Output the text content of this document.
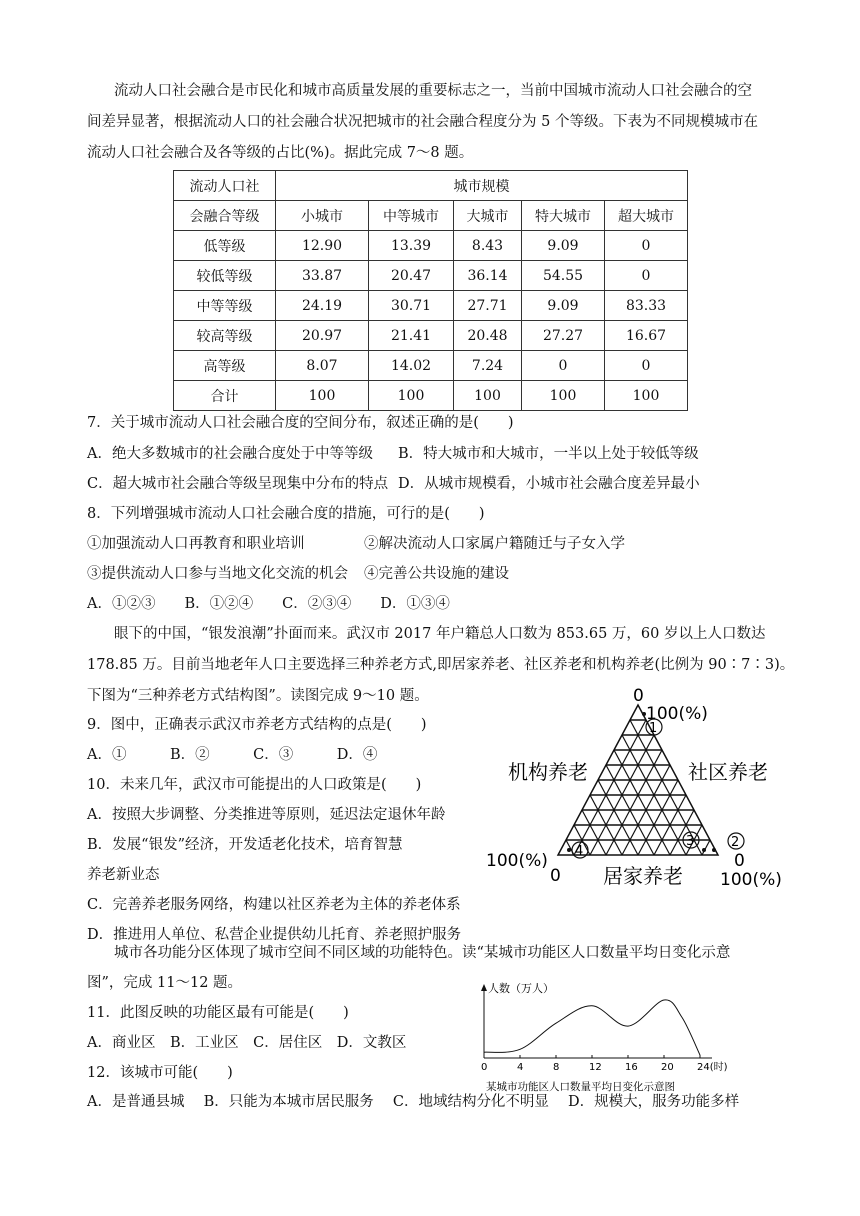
流动人口社会融合是市民化和城市高质量发展的重要标志之一，当前中国城市流动人口社会融合的空
间差异显著，根据流动人口的社会融合状况把城市的社会融合程度分为 5 个等级。下表为不同规模城市在
流动人口社会融合及各等级的占比(%)。据此完成 7～8 题。
流动人口社	城市规模				
会融合等级	小城市	中等城市	大城市	特大城市	超大城市
低等级	12.90	13.39	8.43	9.09	0
较低等级	33.87	20.47	36.14	54.55	0
中等等级	24.19	30.71	27.71	9.09	83.33
较高等级	20.97	21.41	20.48	27.27	16.67
高等级	8.07	14.02	7.24	0	0
合计	100	100	100	100	100
7．关于城市流动人口社会融合度的空间分布，叙述正确的是(　　)
A．绝大多数城市的社会融合度处于中等等级 B．特大城市和大城市，一半以上处于较低等级
C．超大城市社会融合等级呈现集中分布的特点 D．从城市规模看，小城市社会融合度差异最小
8．下列增强城市流动人口社会融合度的措施，可行的是(　　)
①加强流动人口再教育和职业培训	②解决流动人口家属户籍随迁与子女入学
③提供流动人口参与当地文化交流的机会 ④完善公共设施的建设
A．①②③　　B．①②④　　C．②③④　　D．①③④
眼下的中国，“银发浪潮”扑面而来。武汉市 2017 年户籍总人口数为 853.65 万，60 岁以上人口数达
178.85 万。目前当地老年人口主要选择三种养老方式,即居家养老、社区养老和机构养老(比例为 90∶7∶3)。
下图为“三种养老方式结构图”。读图完成 9～10 题。
9．图中，正确表示武汉市养老方式结构的点是(　　)
A．①　　　B．②　　　C．③　　　D．④
10．未来几年，武汉市可能提出的人口政策是(　　)
A．按照大步调整、分类推进等原则，延迟法定退休年龄
B．发展“银发”经济，开发适老化技术，培育智慧
养老新业态
C．完善养老服务网络，构建以社区养老为主体的养老体系
D．推进用人单位、私营企业提供幼儿托育、养老照护服务
0
100(%)
机构养老	社区养老
居家养老
100(%)
0
0
100(%)
1
2
3
4
城市各功能分区体现了城市空间不同区域的功能特色。读“某城市功能区人口数量平均日变化示意
图”，完成 11～12 题。
11．此图反映的功能区最有可能是(　　)
A．商业区　B．工业区　C．居住区　D．文教区
12．该城市可能(　　)
A．是普通县城　 B．只能为本城市居民服务　 C．地域结构分化不明显　 D．规模大，服务功能多样
人数（万人）
0	4	8	12 16 20 24(时)
某城市功能区人口数量平均日变化示意图
